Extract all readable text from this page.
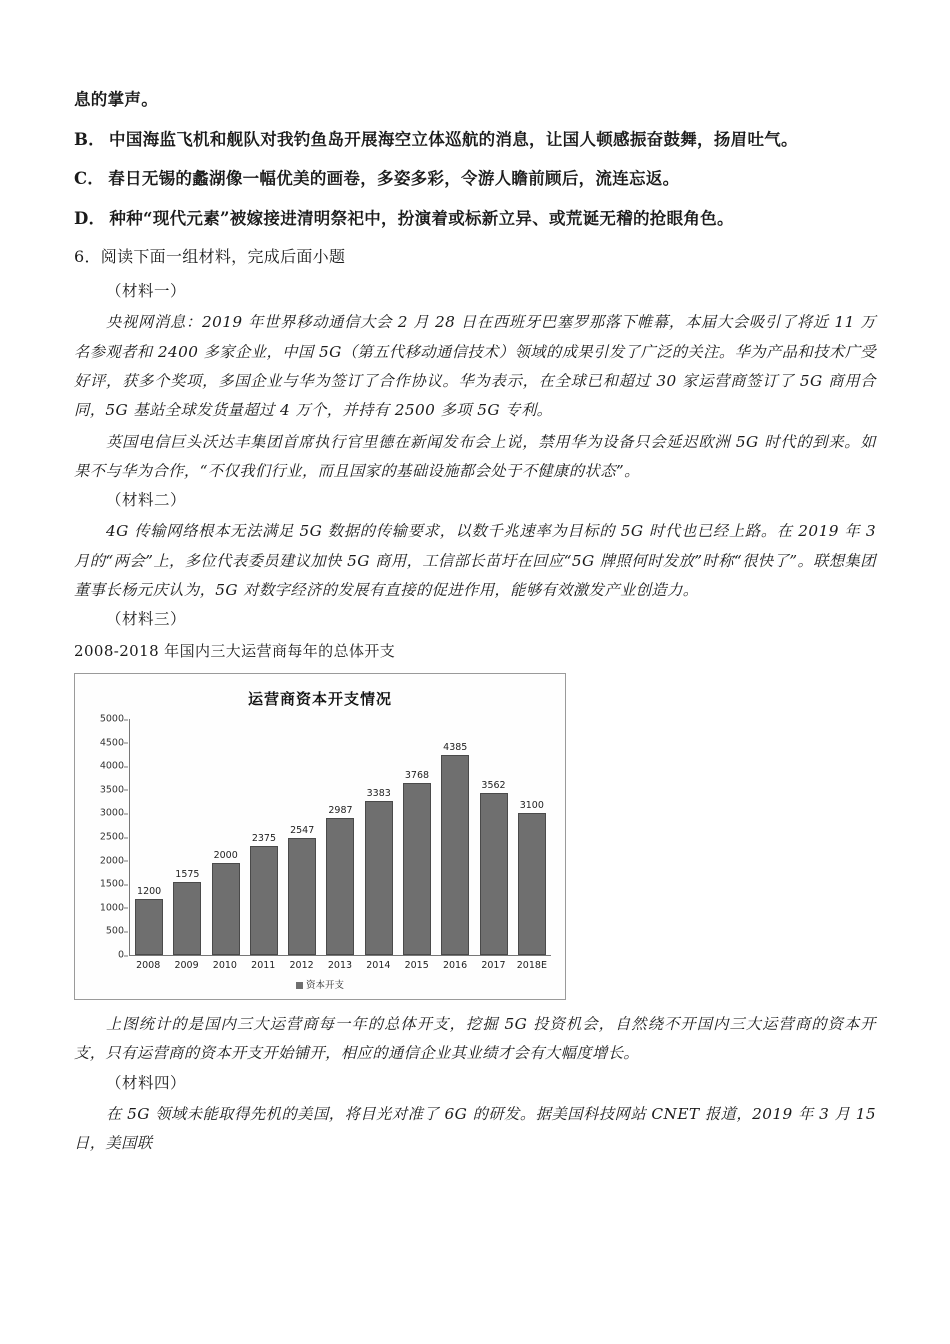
息的掌声。

B． 中国海监飞机和舰队对我钓鱼岛开展海空立体巡航的消息，让国人顿感振奋鼓舞，扬眉吐气。

C． 春日无锡的蠡湖像一幅优美的画卷，多姿多彩，令游人瞻前顾后，流连忘返。

D． 种种“现代元素”被嫁接进清明祭祀中，扮演着或标新立异、或荒诞无稽的抢眼角色。

6．阅读下面一组材料，完成后面小题

（材料一）

央视网消息：2019 年世界移动通信大会 2 月 28 日在西班牙巴塞罗那落下帷幕，本届大会吸引了将近 11 万名参观者和 2400 多家企业，中国 5G（第五代移动通信技术）领域的成果引发了广泛的关注。华为产品和技术广受好评，获多个奖项，多国企业与华为签订了合作协议。华为表示，在全球已和超过 30 家运营商签订了 5G 商用合同，5G 基站全球发货量超过 4 万个，并持有 2500 多项 5G 专利。

英国电信巨头沃达丰集团首席执行官里德在新闻发布会上说，禁用华为设备只会延迟欧洲 5G 时代的到来。如果不与华为合作，“不仅我们行业，而且国家的基础设施都会处于不健康的状态”。

（材料二）

4G 传输网络根本无法满足 5G 数据的传输要求，以数千兆速率为目标的 5G 时代也已经上路。在 2019 年 3 月的“两会”上，多位代表委员建议加快 5G 商用，工信部长苗圩在回应“5G 牌照何时发放”时称“很快了”。联想集团董事长杨元庆认为，5G 对数字经济的发展有直接的促进作用，能够有效激发产业创造力。

（材料三）

2008-2018 年国内三大运营商每年的总体开支

运营商资本开支情况
1200
1575
2000
2375
2547
2987
3383
3768
4385
3562
3100
0
500
1000
1500
2000
2500
3000
3500
4000
4500
5000
2008	2009	2010	2011	2012	2013	2014	2015	2016	2017	2018E
资本开支

上图统计的是国内三大运营商每一年的总体开支，挖掘 5G 投资机会，自然绕不开国内三大运营商的资本开支，只有运营商的资本开支开始铺开，相应的通信企业其业绩才会有大幅度增长。

（材料四）

在 5G 领域未能取得先机的美国，将目光对准了 6G 的研发。据美国科技网站 CNET 报道，2019 年 3 月 15 日，美国联
